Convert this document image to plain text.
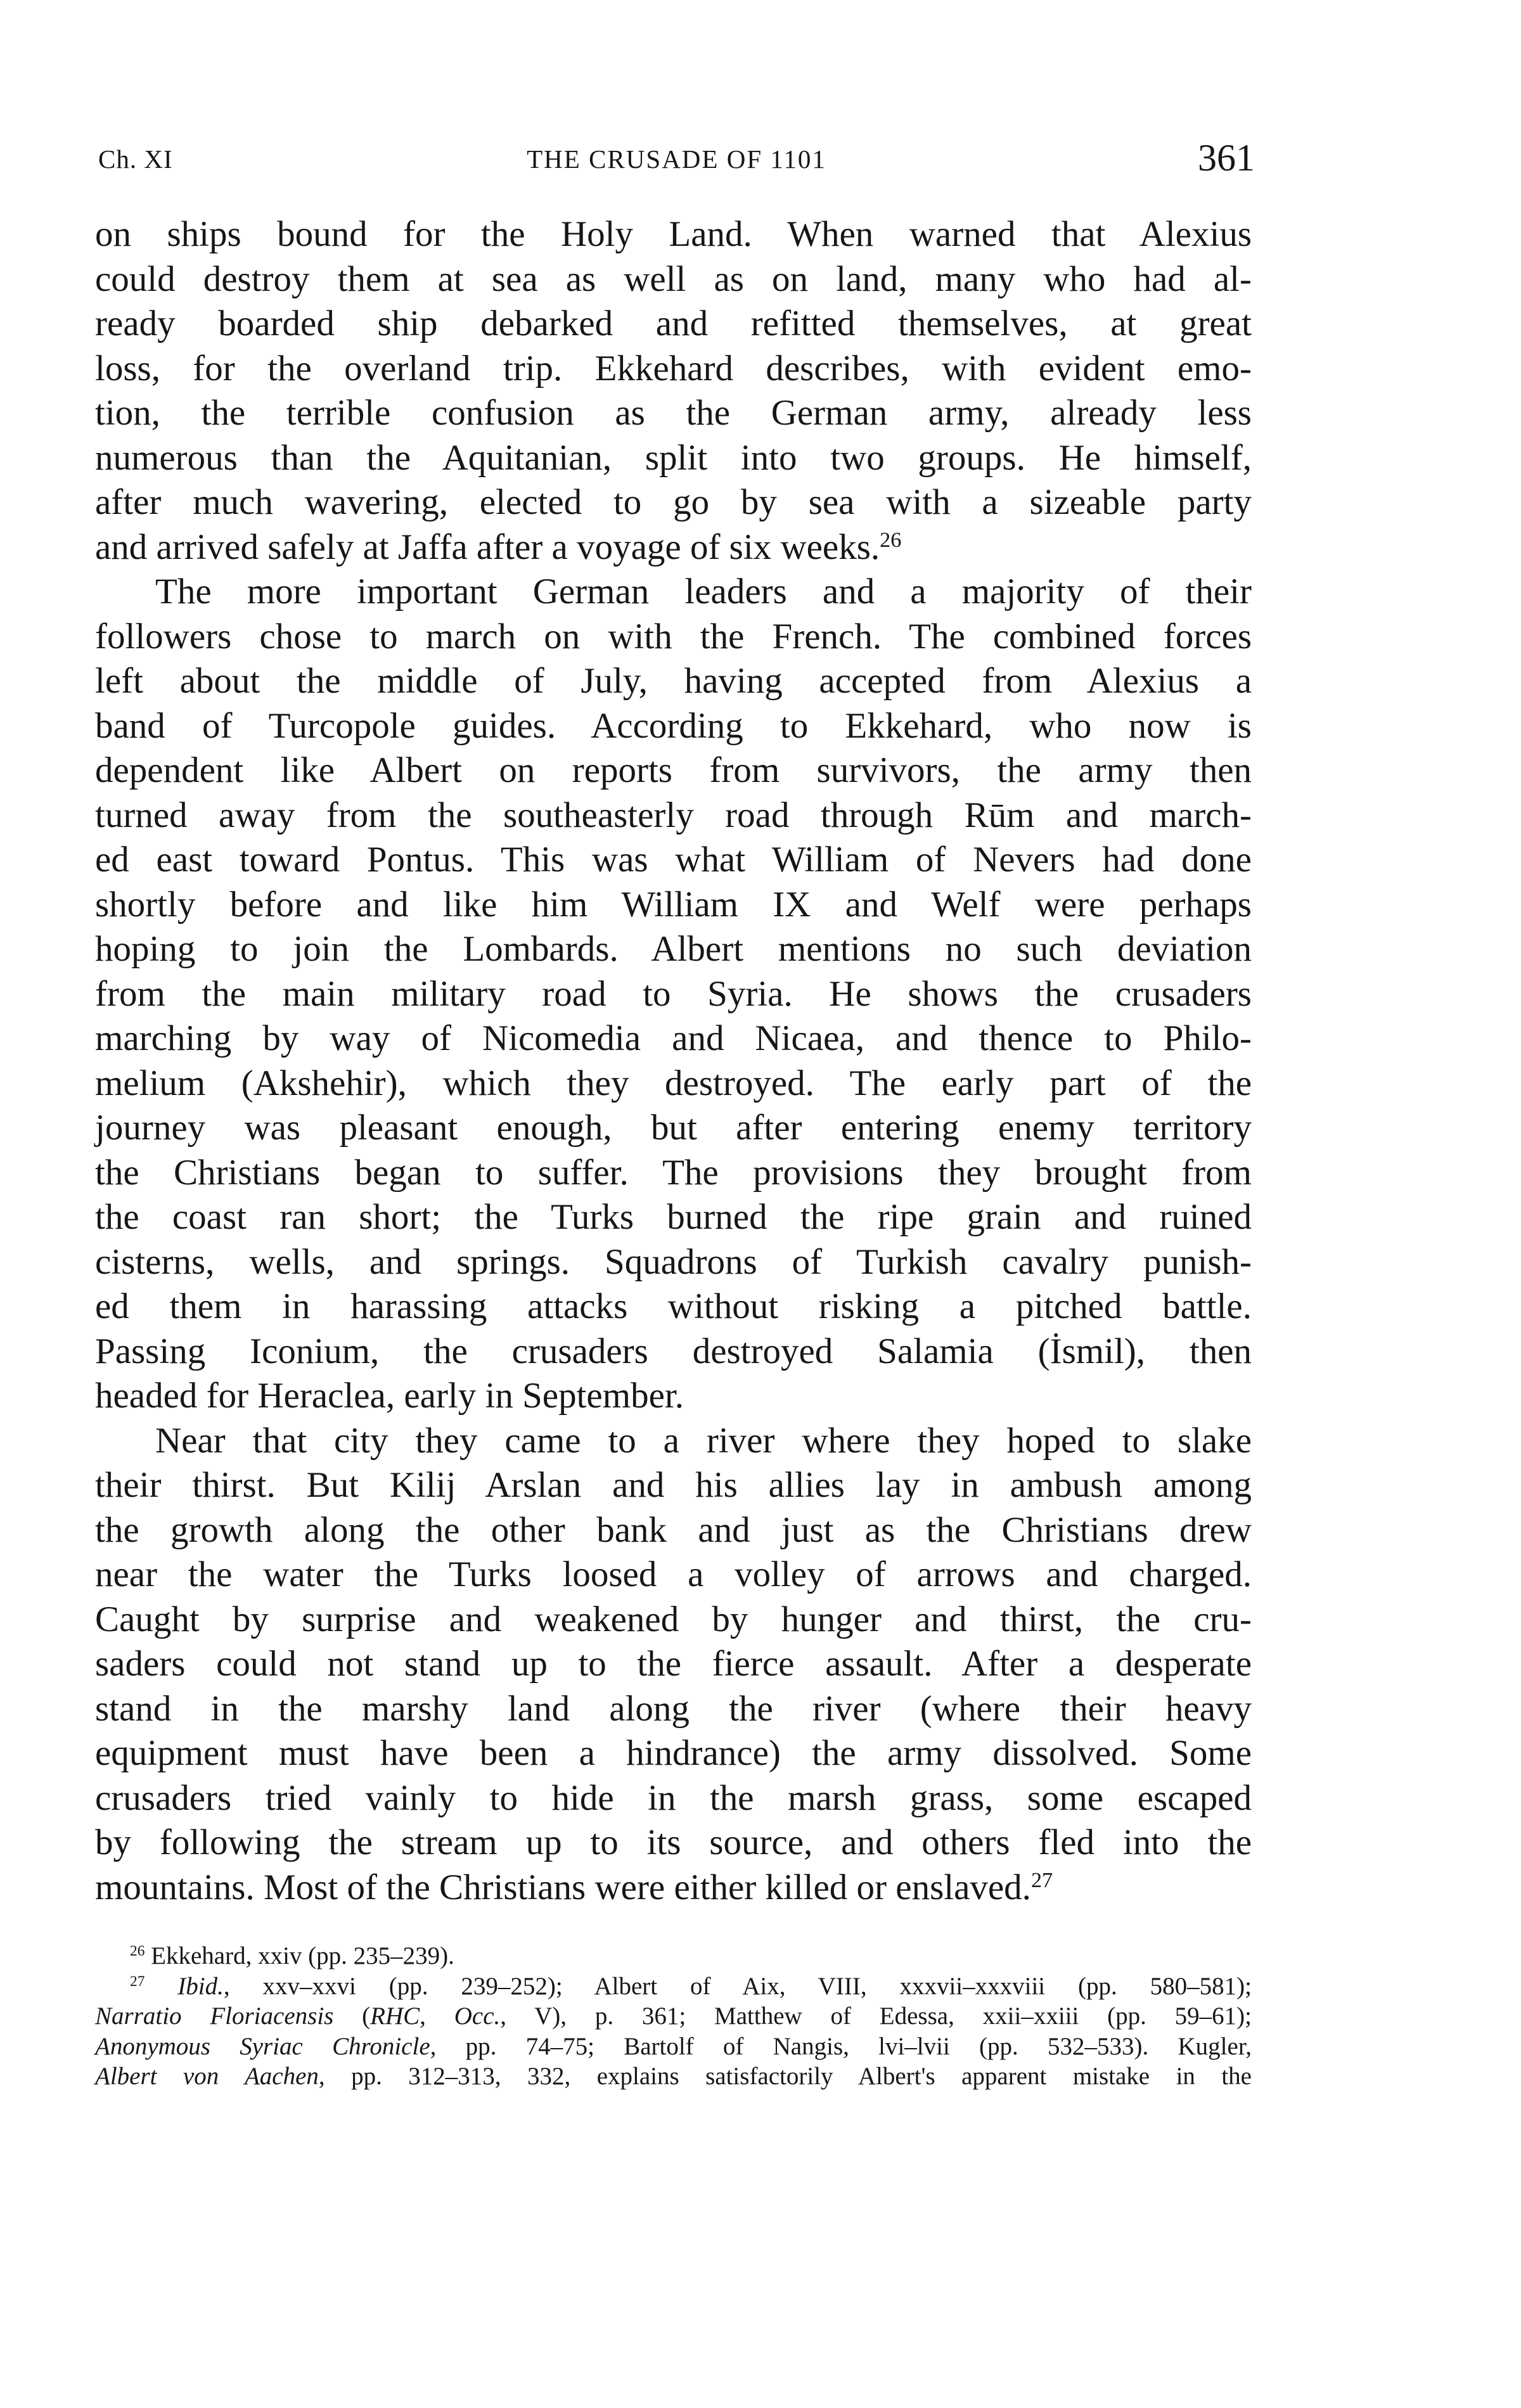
Ch. XI	THE CRUSADE OF 1101	361
on ships bound for the Holy Land. When warned that Alexius
could destroy them at sea as well as on land, many who had al-
ready boarded ship debarked and refitted themselves, at great
loss, for the overland trip. Ekkehard describes, with evident emo-
tion, the terrible confusion as the German army, already less
numerous than the Aquitanian, split into two groups. He himself,
after much wavering, elected to go by sea with a sizeable party
and arrived safely at Jaffa after a voyage of six weeks.$^{26}$
The more important German leaders and a majority of their
followers chose to march on with the French. The combined forces
left about the middle of July, having accepted from Alexius a
band of Turcopole guides. According to Ekkehard, who now is
dependent like Albert on reports from survivors, the army then
turned away from the southeasterly road through Rūm and march-
ed east toward Pontus. This was what William of Nevers had done
shortly before and like him William IX and Welf were perhaps
hoping to join the Lombards. Albert mentions no such deviation
from the main military road to Syria. He shows the crusaders
marching by way of Nicomedia and Nicaea, and thence to Philo-
melium (Akshehir), which they destroyed. The early part of the
journey was pleasant enough, but after entering enemy territory
the Christians began to suffer. The provisions they brought from
the coast ran short; the Turks burned the ripe grain and ruined
cisterns, wells, and springs. Squadrons of Turkish cavalry punish-
ed them in harassing attacks without risking a pitched battle.
Passing Iconium, the crusaders destroyed Salamia (İsmil), then
headed for Heraclea, early in September.
Near that city they came to a river where they hoped to slake
their thirst. But Kilij Arslan and his allies lay in ambush among
the growth along the other bank and just as the Christians drew
near the water the Turks loosed a volley of arrows and charged.
Caught by surprise and weakened by hunger and thirst, the cru-
saders could not stand up to the fierce assault. After a desperate
stand in the marshy land along the river (where their heavy
equipment must have been a hindrance) the army dissolved. Some
crusaders tried vainly to hide in the marsh grass, some escaped
by following the stream up to its source, and others fled into the
mountains. Most of the Christians were either killed or enslaved.$^{27}$
$^{26}$ Ekkehard, xxiv (pp. 235–239).
$^{27}$ Ibid., xxv–xxvi (pp. 239–252); Albert of Aix, VIII, xxxvii–xxxviii (pp. 580–581);
Narratio Floriacensis (RHC, Occ., V), p. 361; Matthew of Edessa, xxii–xxiii (pp. 59–61);
Anonymous Syriac Chronicle, pp. 74–75; Bartolf of Nangis, lvi–lvii (pp. 532–533). Kugler,
Albert von Aachen, pp. 312–313, 332, explains satisfactorily Albert's apparent mistake in the
